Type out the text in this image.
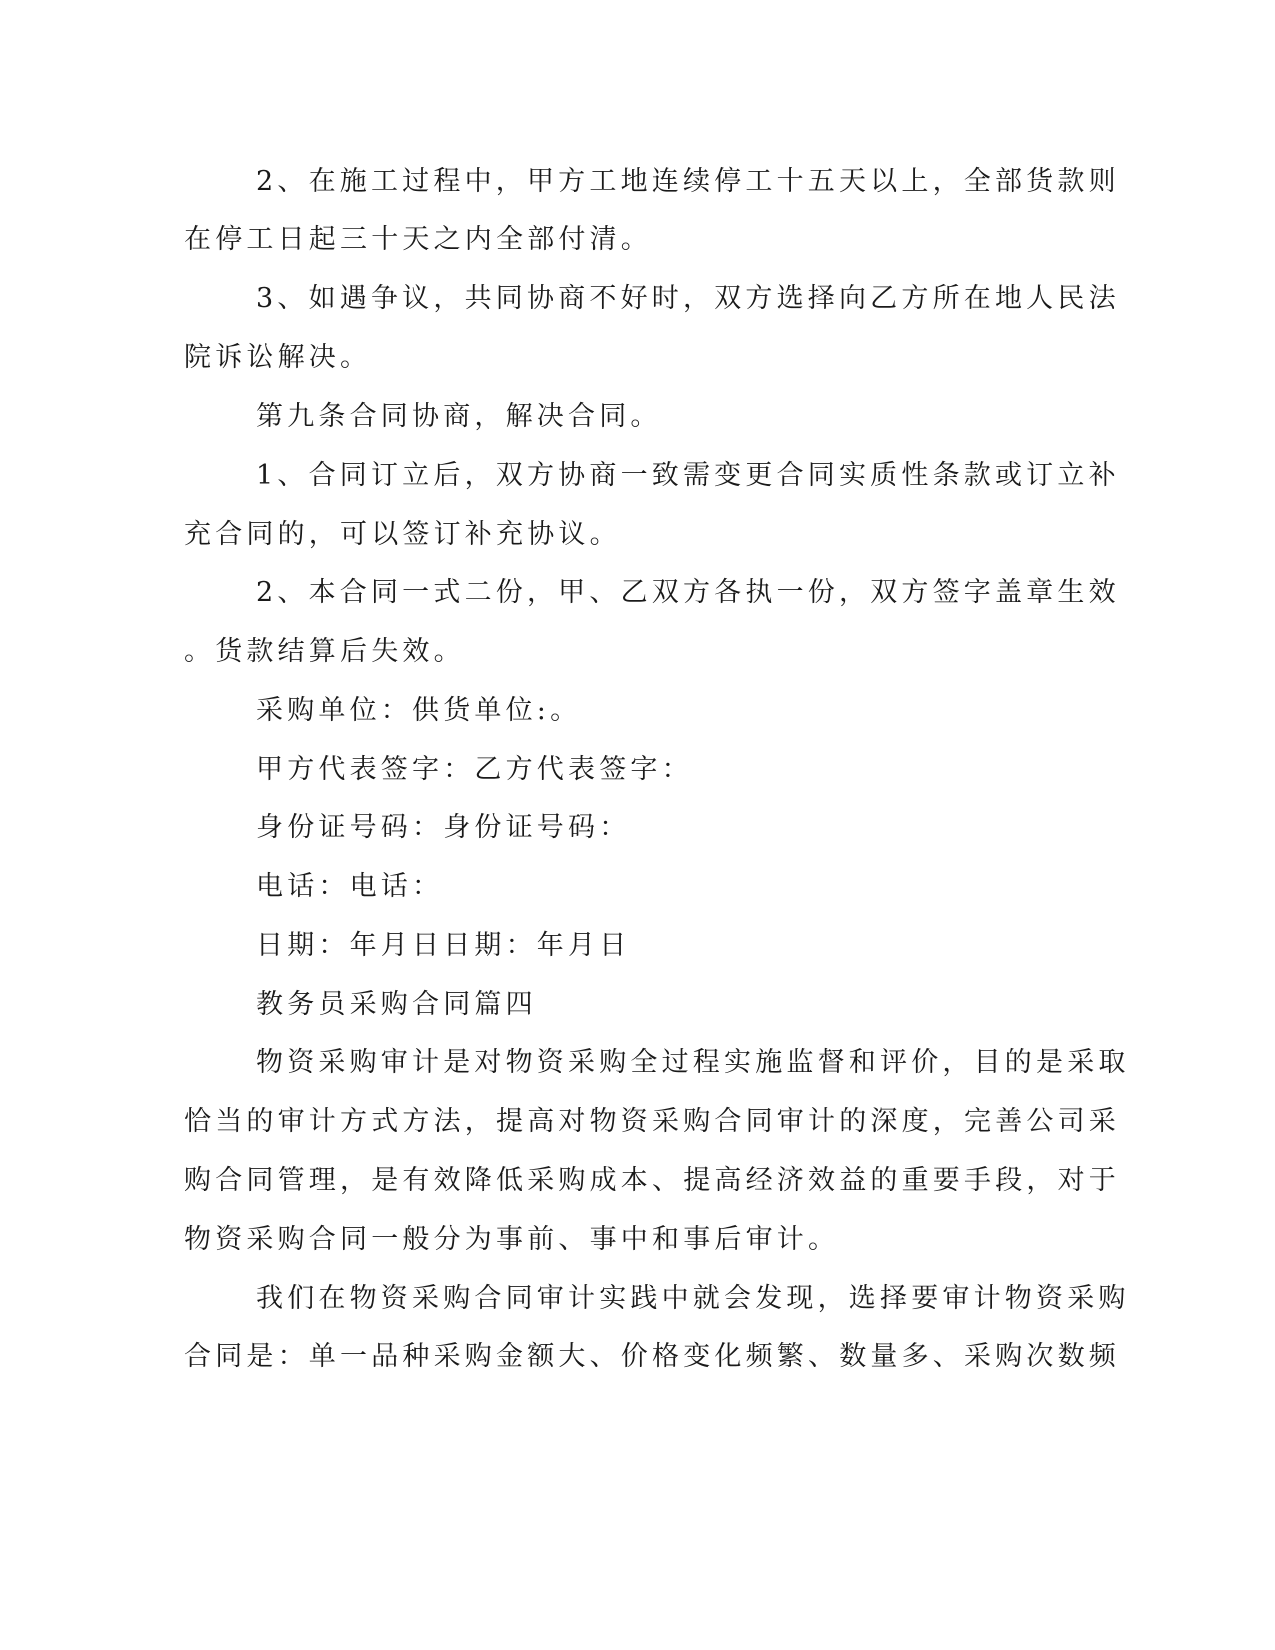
2、在施工过程中，甲方工地连续停工十五天以上，全部货款则
在停工日起三十天之内全部付清。
3、如遇争议，共同协商不好时，双方选择向乙方所在地人民法
院诉讼解决。
第九条合同协商，解决合同。
1、合同订立后，双方协商一致需变更合同实质性条款或订立补
充合同的，可以签订补充协议。
2、本合同一式二份，甲、乙双方各执一份，双方签字盖章生效
。货款结算后失效。
采购单位：供货单位:。
甲方代表签字：乙方代表签字：
身份证号码：身份证号码：
电话：电话：
日期：年月日日期：年月日
教务员采购合同篇四
物资采购审计是对物资采购全过程实施监督和评价，目的是采取
恰当的审计方式方法，提高对物资采购合同审计的深度，完善公司采
购合同管理，是有效降低采购成本、提高经济效益的重要手段，对于
物资采购合同一般分为事前、事中和事后审计。
我们在物资采购合同审计实践中就会发现，选择要审计物资采购
合同是：单一品种采购金额大、价格变化频繁、数量多、采购次数频
